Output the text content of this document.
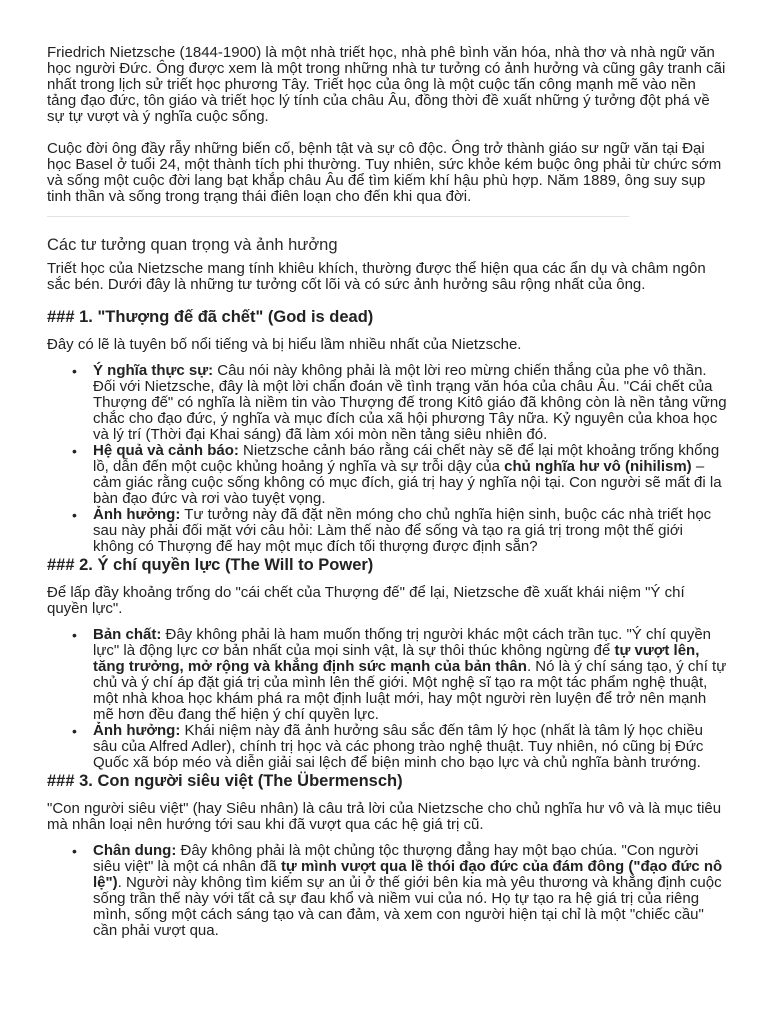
Friedrich Nietzsche (1844-1900) là một nhà triết học, nhà phê bình văn hóa, nhà thơ và nhà ngữ văn học người Đức. Ông được xem là một trong những nhà tư tưởng có ảnh hưởng và cũng gây tranh cãi nhất trong lịch sử triết học phương Tây. Triết học của ông là một cuộc tấn công mạnh mẽ vào nền tảng đạo đức, tôn giáo và triết học lý tính của châu Âu, đồng thời đề xuất những ý tưởng đột phá về sự tự vượt và ý nghĩa cuộc sống.

Cuộc đời ông đầy rẫy những biến cố, bệnh tật và sự cô độc. Ông trở thành giáo sư ngữ văn tại Đại học Basel ở tuổi 24, một thành tích phi thường. Tuy nhiên, sức khỏe kém buộc ông phải từ chức sớm và sống một cuộc đời lang bạt khắp châu Âu để tìm kiếm khí hậu phù hợp. Năm 1889, ông suy sụp tinh thần và sống trong trạng thái điên loạn cho đến khi qua đời.

Các tư tưởng quan trọng và ảnh hưởng

Triết học của Nietzsche mang tính khiêu khích, thường được thể hiện qua các ẩn dụ và châm ngôn sắc bén. Dưới đây là những tư tưởng cốt lõi và có sức ảnh hưởng sâu rộng nhất của ông.

### 1. "Thượng đế đã chết" (God is dead)

Đây có lẽ là tuyên bố nổi tiếng và bị hiểu lầm nhiều nhất của Nietzsche.

• Ý nghĩa thực sự: Câu nói này không phải là một lời reo mừng chiến thắng của phe vô thần. Đối với Nietzsche, đây là một lời chẩn đoán về tình trạng văn hóa của châu Âu. "Cái chết của Thượng đế" có nghĩa là niềm tin vào Thượng đế trong Kitô giáo đã không còn là nền tảng vững chắc cho đạo đức, ý nghĩa và mục đích của xã hội phương Tây nữa. Kỷ nguyên của khoa học và lý trí (Thời đại Khai sáng) đã làm xói mòn nền tảng siêu nhiên đó.
• Hệ quả và cảnh báo: Nietzsche cảnh báo rằng cái chết này sẽ để lại một khoảng trống khổng lồ, dẫn đến một cuộc khủng hoảng ý nghĩa và sự trỗi dậy của chủ nghĩa hư vô (nihilism) – cảm giác rằng cuộc sống không có mục đích, giá trị hay ý nghĩa nội tại. Con người sẽ mất đi la bàn đạo đức và rơi vào tuyệt vọng.
• Ảnh hưởng: Tư tưởng này đã đặt nền móng cho chủ nghĩa hiện sinh, buộc các nhà triết học sau này phải đối mặt với câu hỏi: Làm thế nào để sống và tạo ra giá trị trong một thế giới không có Thượng đế hay một mục đích tối thượng được định sẵn?
### 2. Ý chí quyền lực (The Will to Power)

Để lấp đầy khoảng trống do "cái chết của Thượng đế" để lại, Nietzsche đề xuất khái niệm "Ý chí quyền lực".

• Bản chất: Đây không phải là ham muốn thống trị người khác một cách trần tục. "Ý chí quyền lực" là động lực cơ bản nhất của mọi sinh vật, là sự thôi thúc không ngừng để tự vượt lên, tăng trưởng, mở rộng và khẳng định sức mạnh của bản thân. Nó là ý chí sáng tạo, ý chí tự chủ và ý chí áp đặt giá trị của mình lên thế giới. Một nghệ sĩ tạo ra một tác phẩm nghệ thuật, một nhà khoa học khám phá ra một định luật mới, hay một người rèn luyện để trở nên mạnh mẽ hơn đều đang thể hiện ý chí quyền lực.
• Ảnh hưởng: Khái niệm này đã ảnh hưởng sâu sắc đến tâm lý học (nhất là tâm lý học chiều sâu của Alfred Adler), chính trị học và các phong trào nghệ thuật. Tuy nhiên, nó cũng bị Đức Quốc xã bóp méo và diễn giải sai lệch để biện minh cho bạo lực và chủ nghĩa bành trướng.
### 3. Con người siêu việt (The Übermensch)

"Con người siêu việt" (hay Siêu nhân) là câu trả lời của Nietzsche cho chủ nghĩa hư vô và là mục tiêu mà nhân loại nên hướng tới sau khi đã vượt qua các hệ giá trị cũ.

• Chân dung: Đây không phải là một chủng tộc thượng đẳng hay một bạo chúa. "Con người siêu việt" là một cá nhân đã tự mình vượt qua lề thói đạo đức của đám đông ("đạo đức nô lệ"). Người này không tìm kiếm sự an ủi ở thế giới bên kia mà yêu thương và khẳng định cuộc sống trần thế này với tất cả sự đau khổ và niềm vui của nó. Họ tự tạo ra hệ giá trị của riêng mình, sống một cách sáng tạo và can đảm, và xem con người hiện tại chỉ là một "chiếc cầu" cần phải vượt qua.
